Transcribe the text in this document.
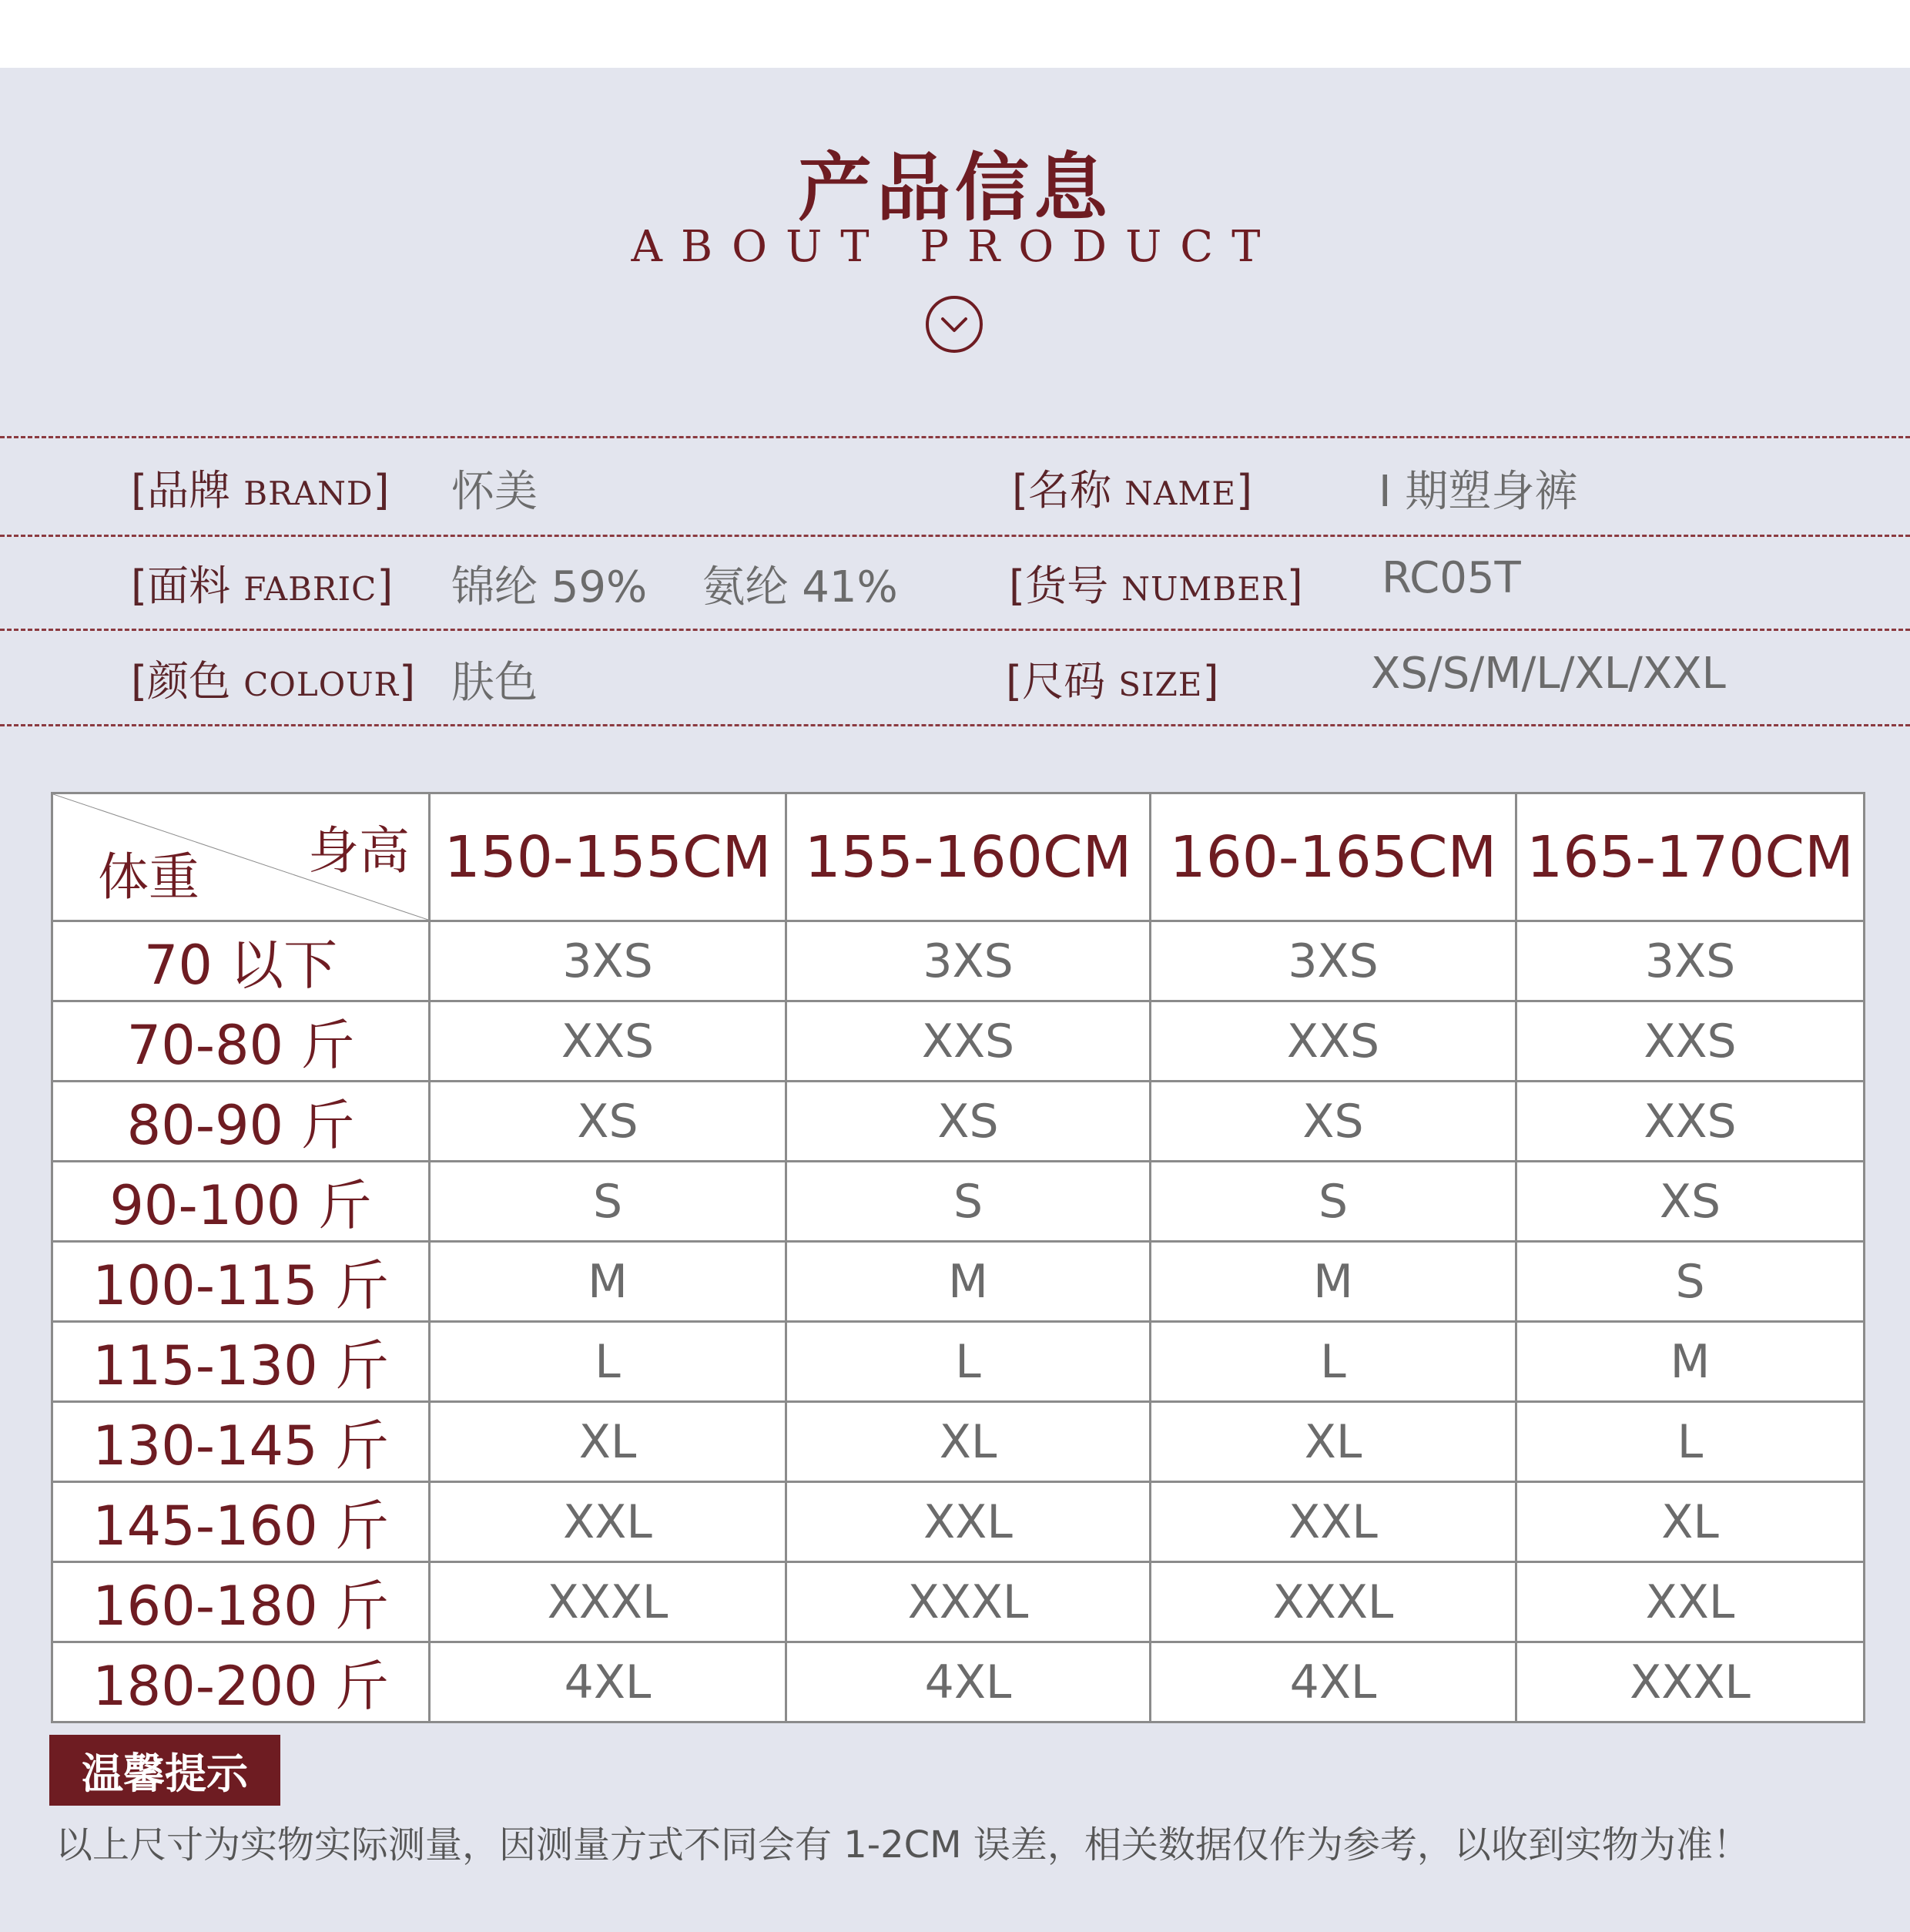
产品信息
ABOUT PRODUCT
[品牌 BRAND] 怀美	[名称 NAME]	I 期塑身裤
[面料 FABRIC] 锦纶 59%    氨纶 41%	[货号 NUMBER] RC05T
[颜色 COLOUR] 肤色	[尺码 SIZE]	XS/S/M/L/XL/XXL
身高
体重	150-155CM	155-160CM	160-165CM	165-170CM
70 以下	3XS	3XS	3XS	3XS
70-80 斤	XXS	XXS	XXS	XXS
80-90 斤	XS	XS	XS	XXS
90-100 斤	S	S	S	XS
100-115 斤	M	M	M	S
115-130 斤	L	L	L	M
130-145 斤	XL	XL	XL	L
145-160 斤	XXL	XXL	XXL	XL
160-180 斤	XXXL	XXXL	XXXL	XXL
180-200 斤	4XL	4XL	4XL	XXXL
温馨提示
以上尺寸为实物实际测量，因测量方式不同会有 1-2CM 误差，相关数据仅作为参考，以收到实物为准！
